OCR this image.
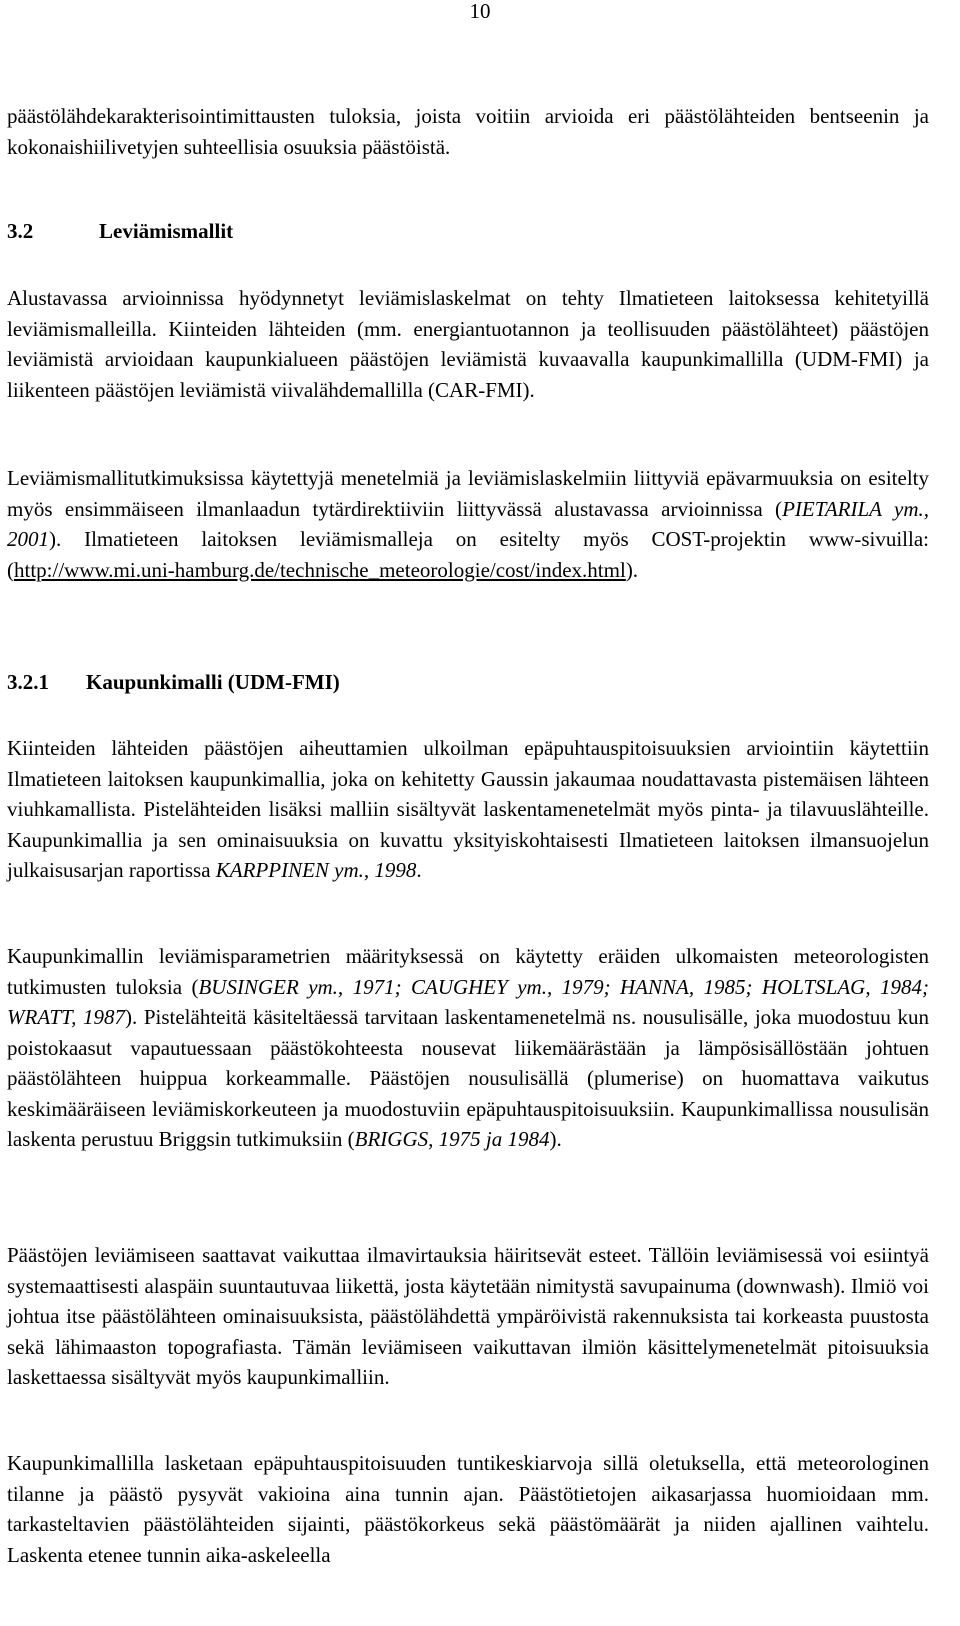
10

päästölähdekarakterisointimittausten tuloksia, joista voitiin arvioida eri päästölähteiden bentseenin ja kokonaishiilivetyjen suhteellisia osuuksia päästöistä.

3.2	Leviämismallit

Alustavassa arvioinnissa hyödynnetyt leviämislaskelmat on tehty Ilmatieteen laitoksessa kehitetyillä leviämismalleilla. Kiinteiden lähteiden (mm. energiantuotannon ja teollisuuden päästölähteet) päästöjen leviämistä arvioidaan kaupunkialueen päästöjen leviämistä kuvaavalla kaupunkimallilla (UDM-FMI) ja liikenteen päästöjen leviämistä viivalähdemallilla (CAR-FMI).

Leviämismallitutkimuksissa käytettyjä menetelmiä ja leviämislaskelmiin liittyviä epävarmuuksia on esitelty myös ensimmäiseen ilmanlaadun tytärdirektiiviin liittyvässä alustavassa arvioinnissa (PIETARILA ym., 2001). Ilmatieteen laitoksen leviämismalleja on esitelty myös COST-projektin www-sivuilla: (http://www.mi.uni-hamburg.de/technische_meteorologie/cost/index.html).

3.2.1 Kaupunkimalli (UDM-FMI)

Kiinteiden lähteiden päästöjen aiheuttamien ulkoilman epäpuhtauspitoisuuksien arviointiin käytettiin Ilmatieteen laitoksen kaupunkimallia, joka on kehitetty Gaussin jakaumaa noudattavasta pistemäisen lähteen viuhkamallista. Pistelähteiden lisäksi malliin sisältyvät laskentamenetelmät myös pinta- ja tilavuuslähteille. Kaupunkimallia ja sen ominaisuuksia on kuvattu yksityiskohtaisesti Ilmatieteen laitoksen ilmansuojelun julkaisusarjan raportissa KARPPINEN ym., 1998.

Kaupunkimallin leviämisparametrien määrityksessä on käytetty eräiden ulkomaisten meteorologisten tutkimusten tuloksia (BUSINGER ym., 1971; CAUGHEY ym., 1979; HANNA, 1985; HOLTSLAG, 1984; WRATT, 1987). Pistelähteitä käsiteltäessä tarvitaan laskentamenetelmä ns. nousulisälle, joka muodostuu kun poistokaasut vapautuessaan päästökohteesta nousevat liikemäärästään ja lämpösisällöstään johtuen päästölähteen huippua korkeammalle. Päästöjen nousulisällä (plumerise) on huomattava vaikutus keskimääräiseen leviämiskorkeuteen ja muodostuviin epäpuhtauspitoisuuksiin. Kaupunkimallissa nousulisän laskenta perustuu Briggsin tutkimuksiin (BRIGGS, 1975 ja 1984).

Päästöjen leviämiseen saattavat vaikuttaa ilmavirtauksia häiritsevät esteet. Tällöin leviämisessä voi esiintyä systemaattisesti alaspäin suuntautuvaa liikettä, josta käytetään nimitystä savupainuma (downwash). Ilmiö voi johtua itse päästölähteen ominaisuuksista, päästölähdettä ympäröivistä rakennuksista tai korkeasta puustosta sekä lähimaaston topografiasta. Tämän leviämiseen vaikuttavan ilmiön käsittelymenetelmät pitoisuuksia laskettaessa sisältyvät myös kaupunkimalliin.

Kaupunkimallilla lasketaan epäpuhtauspitoisuuden tuntikeskiarvoja sillä oletuksella, että meteorologinen tilanne ja päästö pysyvät vakioina aina tunnin ajan. Päästötietojen aikasarjassa huomioidaan mm. tarkasteltavien päästölähteiden sijainti, päästökorkeus sekä päästömäärät ja niiden ajallinen vaihtelu. Laskenta etenee tunnin aika-askeleella
